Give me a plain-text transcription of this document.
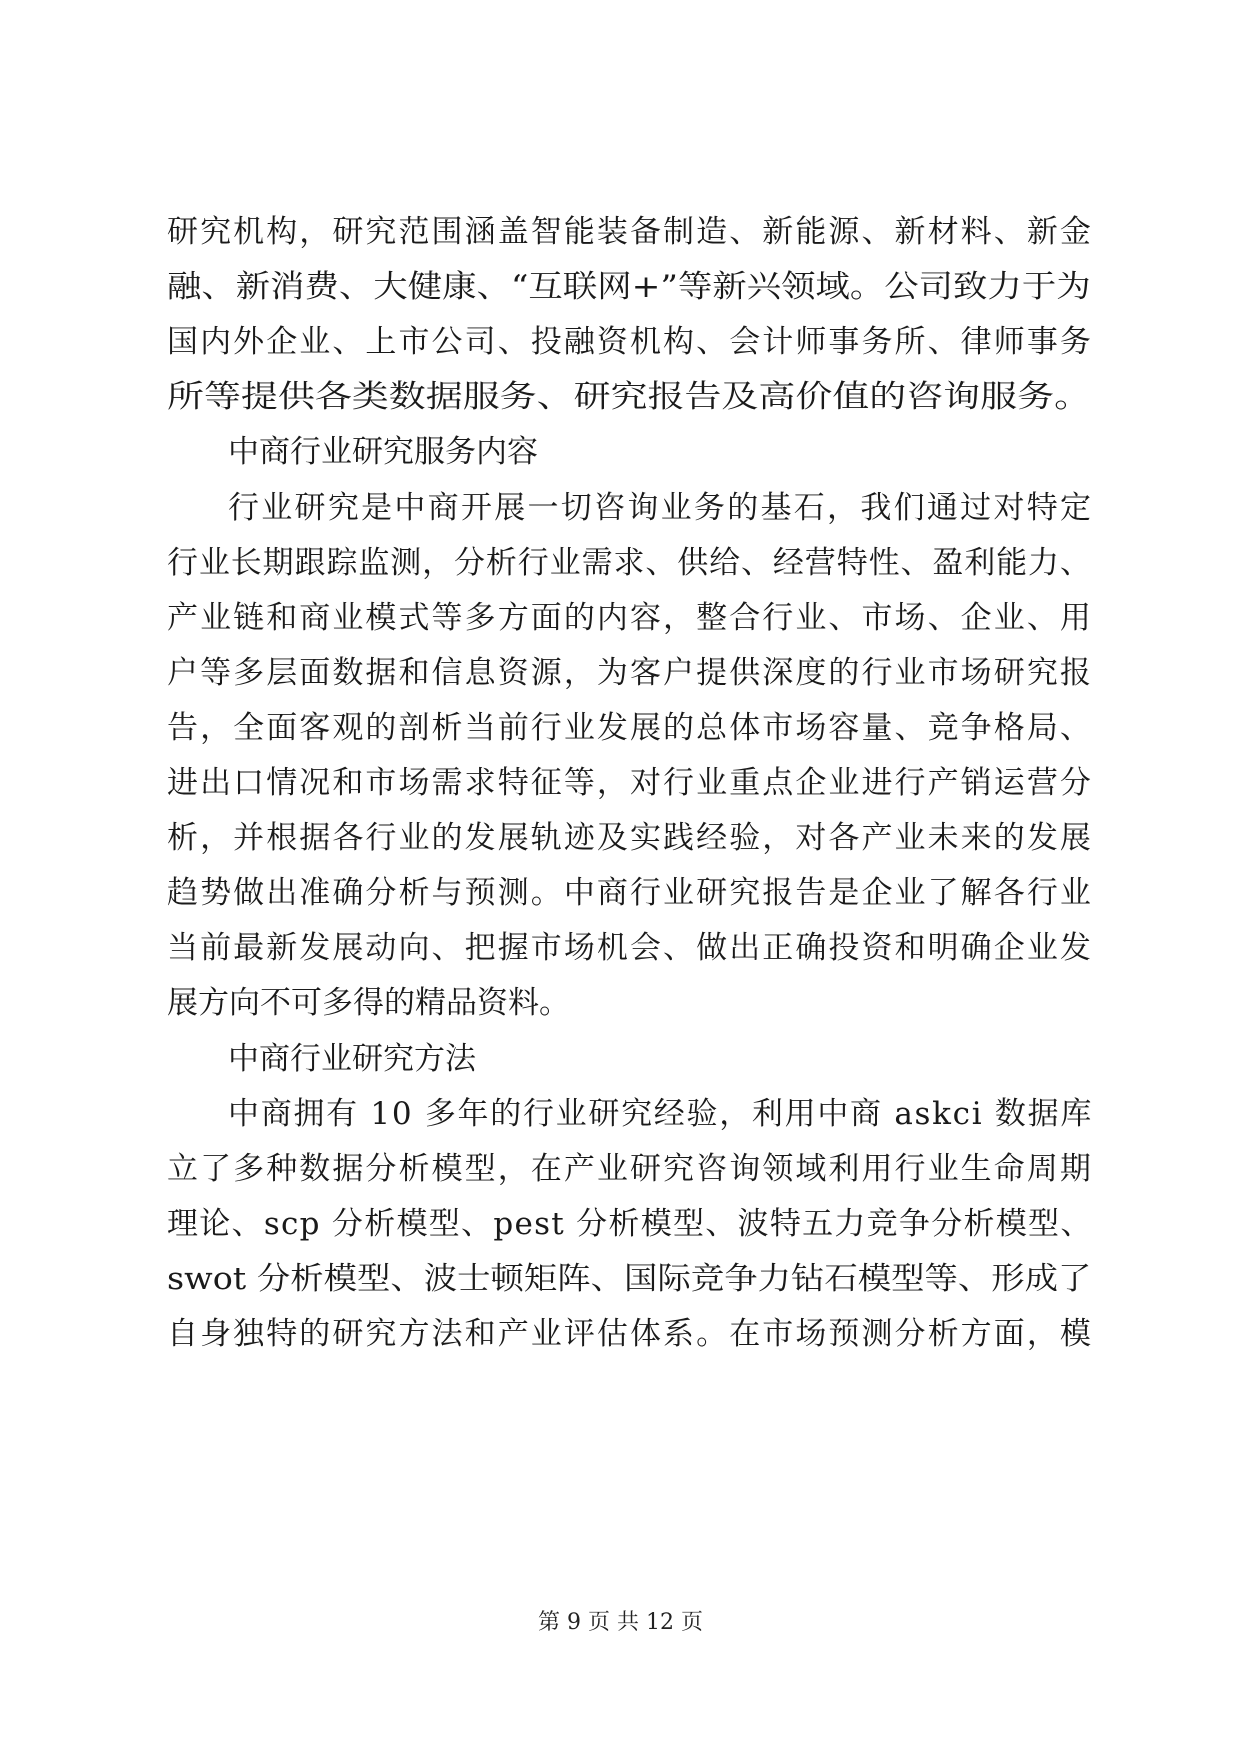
研究机构，研究范围涵盖智能装备制造、新能源、新材料、新金
融、新消费、大健康、“互联网+”等新兴领域。公司致力于为
国内外企业、上市公司、投融资机构、会计师事务所、律师事务
所等提供各类数据服务、研究报告及高价值的咨询服务。
中商行业研究服务内容
行业研究是中商开展一切咨询业务的基石，我们通过对特定
行业长期跟踪监测，分析行业需求、供给、经营特性、盈利能力、
产业链和商业模式等多方面的内容，整合行业、市场、企业、用
户等多层面数据和信息资源，为客户提供深度的行业市场研究报
告，全面客观的剖析当前行业发展的总体市场容量、竞争格局、
进出口情况和市场需求特征等，对行业重点企业进行产销运营分
析，并根据各行业的发展轨迹及实践经验，对各产业未来的发展
趋势做出准确分析与预测。中商行业研究报告是企业了解各行业
当前最新发展动向、把握市场机会、做出正确投资和明确企业发
展方向不可多得的精品资料。
中商行业研究方法
中商拥有 10 多年的行业研究经验，利用中商 askci 数据库
立了多种数据分析模型，在产业研究咨询领域利用行业生命周期
理论、scp 分析模型、pest 分析模型、波特五力竞争分析模型、
swot 分析模型、波士顿矩阵、国际竞争力钻石模型等、形成了
自身独特的研究方法和产业评估体系。在市场预测分析方面，模
第 9 页 共 12 页
